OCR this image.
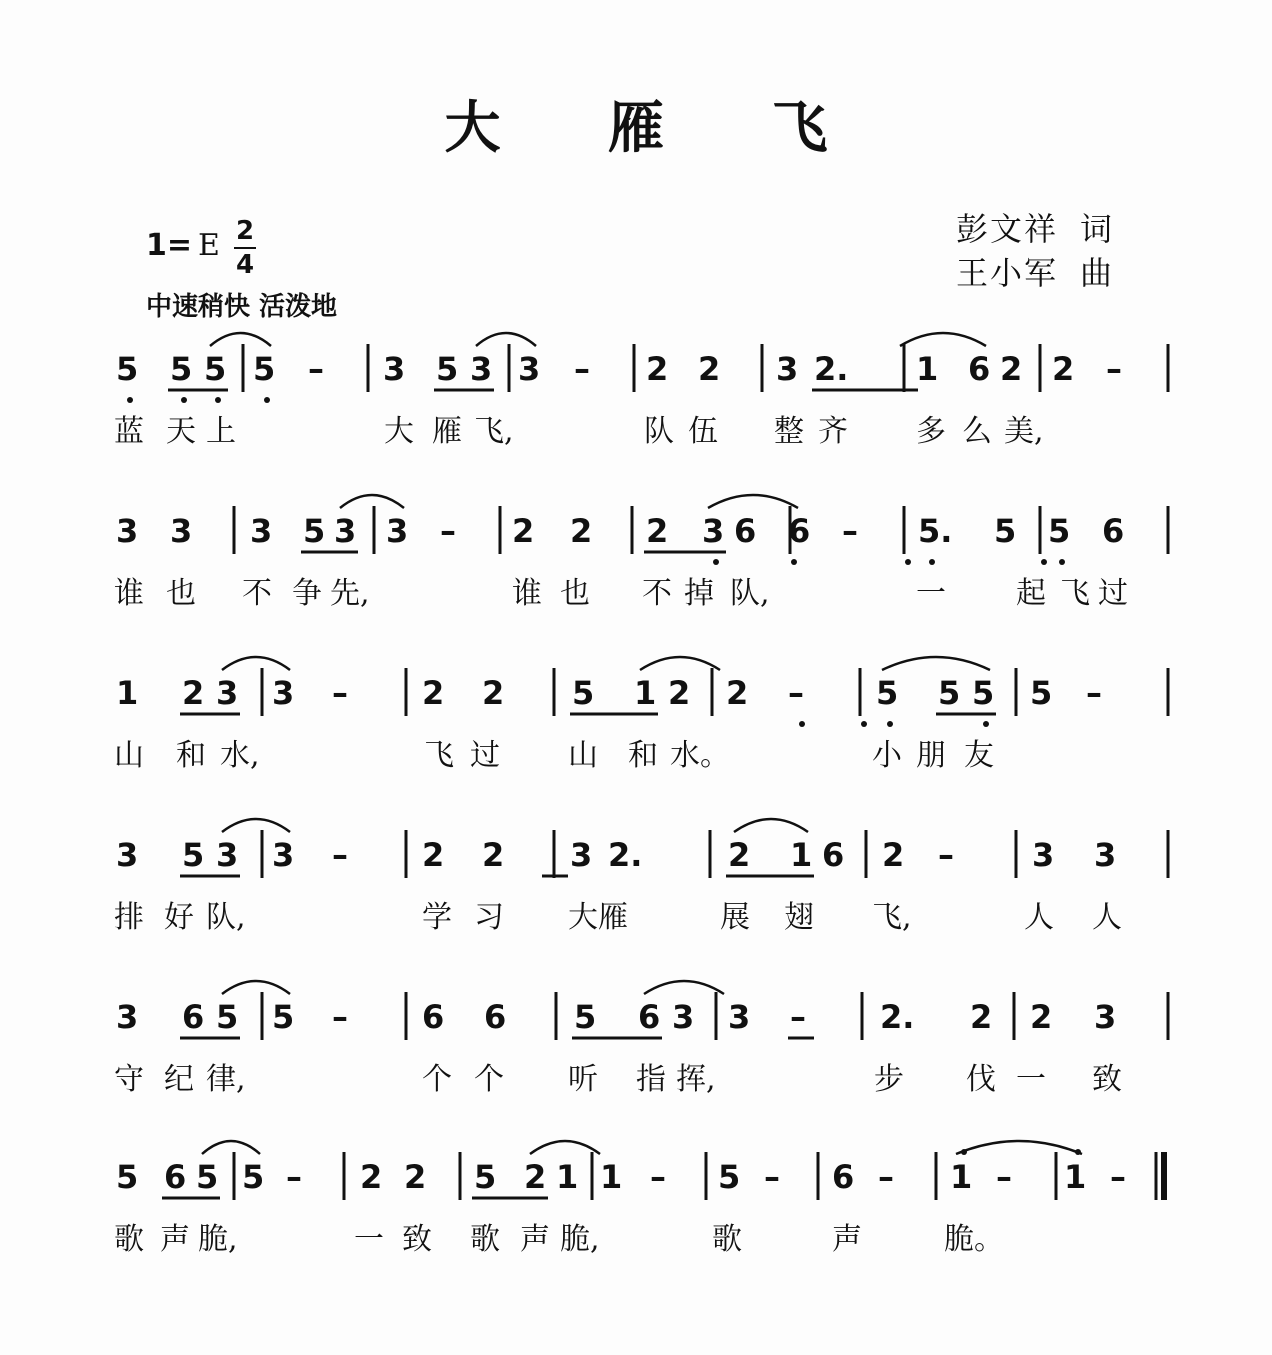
大 雁 飞
彭文祥 词
王小军 曲
1= E 2
4
中速稍快 活泼地
5 5 5 5 – 3 5 3 3 – 2 2 3 2. 1 6 2 2 –
蓝 天 上	大 雁 飞,	队 伍 整 齐 多 么 美,
3 3 3 5 3 3 – 2 2 2 3 6 6 – 5. 5 5 6
谁 也 不 争 先,	谁 也 不 掉 队,	一 起 飞 过
1 2 3 3 – 2 2 5 1 2 2 – 5 5 5 5 –
山 和 水,	飞 过 山 和 水。	小 朋 友
3 5 3 3 – 2 2 3 2.	2 1 6 2 – 3 3
排 好 队,	学 习 大 雁	展 翅 飞,	人 人
3 6 5 5 – 6 6 5 6 3 3 – 2. 2 2 3
守 纪 律,	个 个 听 指 挥,	步 伐 一 致
5 6 5 5 – 2 2 5 2 1 1 – 5 – 6 – 1 – 1 –
歌 声 脆,	一 致 歌 声 脆,	歌	声	脆。
